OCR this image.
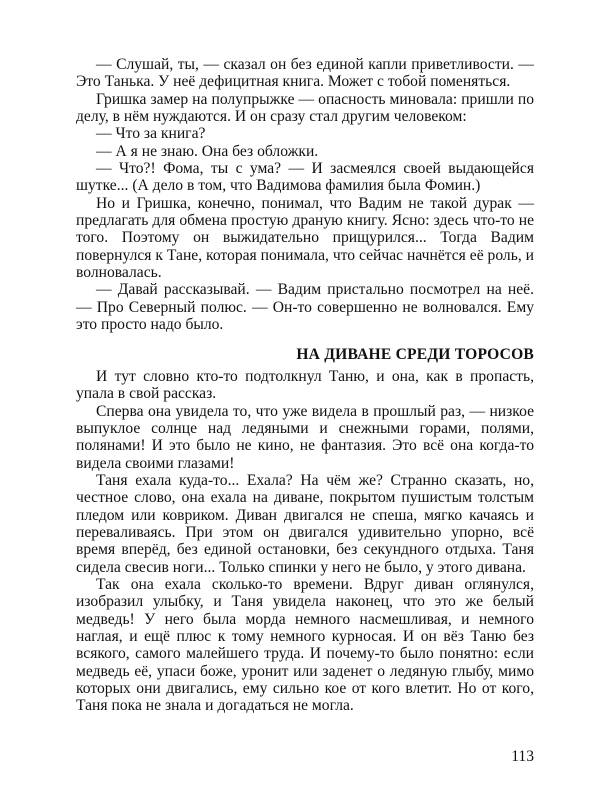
— Слушай, ты, — сказал он без единой капли приветливости. — Это Танька. У неё дефицитная книга. Может с тобой поменяться.

Гришка замер на полупрыжке — опасность миновала: пришли по делу, в нём нуждаются. И он сразу стал другим человеком:

— Что за книга?

— А я не знаю. Она без обложки.

— Что?! Фома, ты с ума? — И засмеялся своей выдающейся шутке... (А дело в том, что Вадимова фамилия была Фомин.)

Но и Гришка, конечно, понимал, что Вадим не такой дурак — предлагать для обмена простую драную книгу. Ясно: здесь что-то не того. Поэтому он выжидательно прищурился... Тогда Вадим повернулся к Тане, которая понимала, что сейчас начнётся её роль, и волновалась.

— Давай рассказывай. — Вадим пристально посмотрел на неё. — Про Северный полюс. — Он-то совершенно не волновался. Ему это просто надо было.

НА ДИВАНЕ СРЕДИ ТОРОСОВ

И тут словно кто-то подтолкнул Таню, и она, как в пропасть, упала в свой рассказ.

Сперва она увидела то, что уже видела в прошлый раз, — низкое выпуклое солнце над ледяными и снежными горами, полями, полянами! И это было не кино, не фантазия. Это всё она когда-то видела своими глазами!

Таня ехала куда-то... Ехала? На чём же? Странно сказать, но, честное слово, она ехала на диване, покрытом пушистым толстым пледом или ковриком. Диван двигался не спеша, мягко качаясь и переваливаясь. При этом он двигался удивительно упорно, всё время вперёд, без единой остановки, без секундного отдыха. Таня сидела свесив ноги... Только спинки у него не было, у этого дивана.

Так она ехала сколько-то времени. Вдруг диван оглянулся, изобразил улыбку, и Таня увидела наконец, что это же белый медведь! У него была морда немного насмешливая, и немного наглая, и ещё плюс к тому немного курносая. И он вёз Таню без всякого, самого малейшего труда. И почему-то было понятно: если медведь её, упаси боже, уронит или заденет о ледяную глыбу, мимо которых они двигались, ему сильно кое от кого влетит. Но от кого, Таня пока не знала и догадаться не могла.

113
